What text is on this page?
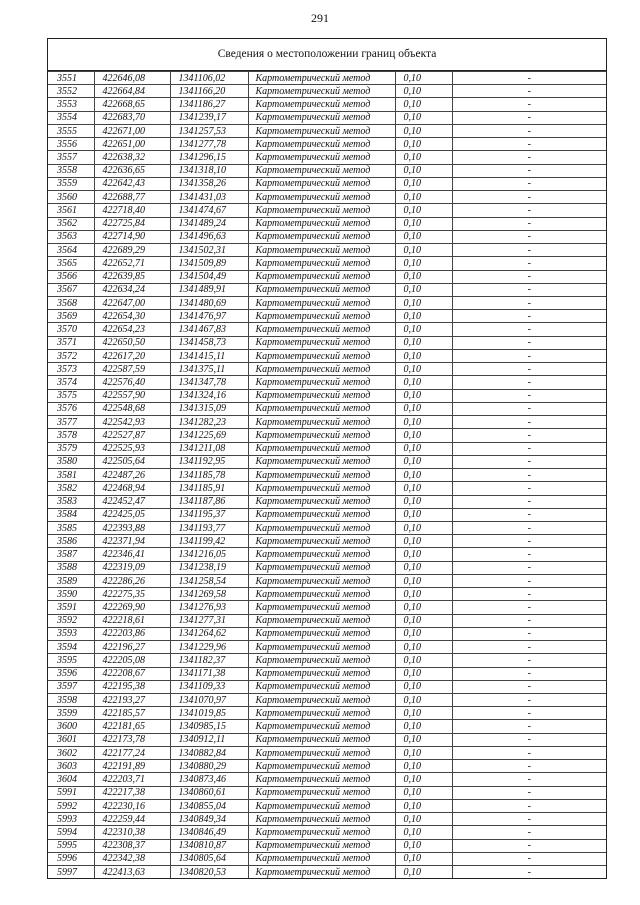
291
Сведения о местоположении границ объекта
3551	422646,08	1341106,02	Картометрический метод	0,10	-
3552	422664,84	1341166,20	Картометрический метод	0,10	-
3553	422668,65	1341186,27	Картометрический метод	0,10	-
3554	422683,70	1341239,17	Картометрический метод	0,10	-
3555	422671,00	1341257,53	Картометрический метод	0,10	-
3556	422651,00	1341277,78	Картометрический метод	0,10	-
3557	422638,32	1341296,15	Картометрический метод	0,10	-
3558	422636,65	1341318,10	Картометрический метод	0,10	-
3559	422642,43	1341358,26	Картометрический метод	0,10	-
3560	422688,77	1341431,03	Картометрический метод	0,10	-
3561	422718,40	1341474,67	Картометрический метод	0,10	-
3562	422725,84	1341489,24	Картометрический метод	0,10	-
3563	422714,90	1341496,63	Картометрический метод	0,10	-
3564	422689,29	1341502,31	Картометрический метод	0,10	-
3565	422652,71	1341509,89	Картометрический метод	0,10	-
3566	422639,85	1341504,49	Картометрический метод	0,10	-
3567	422634,24	1341489,91	Картометрический метод	0,10	-
3568	422647,00	1341480,69	Картометрический метод	0,10	-
3569	422654,30	1341476,97	Картометрический метод	0,10	-
3570	422654,23	1341467,83	Картометрический метод	0,10	-
3571	422650,50	1341458,73	Картометрический метод	0,10	-
3572	422617,20	1341415,11	Картометрический метод	0,10	-
3573	422587,59	1341375,11	Картометрический метод	0,10	-
3574	422576,40	1341347,78	Картометрический метод	0,10	-
3575	422557,90	1341324,16	Картометрический метод	0,10	-
3576	422548,68	1341315,09	Картометрический метод	0,10	-
3577	422542,93	1341282,23	Картометрический метод	0,10	-
3578	422527,87	1341225,69	Картометрический метод	0,10	-
3579	422525,93	1341211,08	Картометрический метод	0,10	-
3580	422505,64	1341192,95	Картометрический метод	0,10	-
3581	422487,26	1341185,78	Картометрический метод	0,10	-
3582	422468,94	1341185,91	Картометрический метод	0,10	-
3583	422452,47	1341187,86	Картометрический метод	0,10	-
3584	422425,05	1341195,37	Картометрический метод	0,10	-
3585	422393,88	1341193,77	Картометрический метод	0,10	-
3586	422371,94	1341199,42	Картометрический метод	0,10	-
3587	422346,41	1341216,05	Картометрический метод	0,10	-
3588	422319,09	1341238,19	Картометрический метод	0,10	-
3589	422286,26	1341258,54	Картометрический метод	0,10	-
3590	422275,35	1341269,58	Картометрический метод	0,10	-
3591	422269,90	1341276,93	Картометрический метод	0,10	-
3592	422218,61	1341277,31	Картометрический метод	0,10	-
3593	422203,86	1341264,62	Картометрический метод	0,10	-
3594	422196,27	1341229,96	Картометрический метод	0,10	-
3595	422205,08	1341182,37	Картометрический метод	0,10	-
3596	422208,67	1341171,38	Картометрический метод	0,10	-
3597	422195,38	1341109,33	Картометрический метод	0,10	-
3598	422193,27	1341070,97	Картометрический метод	0,10	-
3599	422185,57	1341019,85	Картометрический метод	0,10	-
3600	422181,65	1340985,15	Картометрический метод	0,10	-
3601	422173,78	1340912,11	Картометрический метод	0,10	-
3602	422177,24	1340882,84	Картометрический метод	0,10	-
3603	422191,89	1340880,29	Картометрический метод	0,10	-
3604	422203,71	1340873,46	Картометрический метод	0,10	-
5991	422217,38	1340860,61	Картометрический метод	0,10	-
5992	422230,16	1340855,04	Картометрический метод	0,10	-
5993	422259,44	1340849,34	Картометрический метод	0,10	-
5994	422310,38	1340846,49	Картометрический метод	0,10	-
5995	422308,37	1340810,87	Картометрический метод	0,10	-
5996	422342,38	1340805,64	Картометрический метод	0,10	-
5997	422413,63	1340820,53	Картометрический метод	0,10	-
